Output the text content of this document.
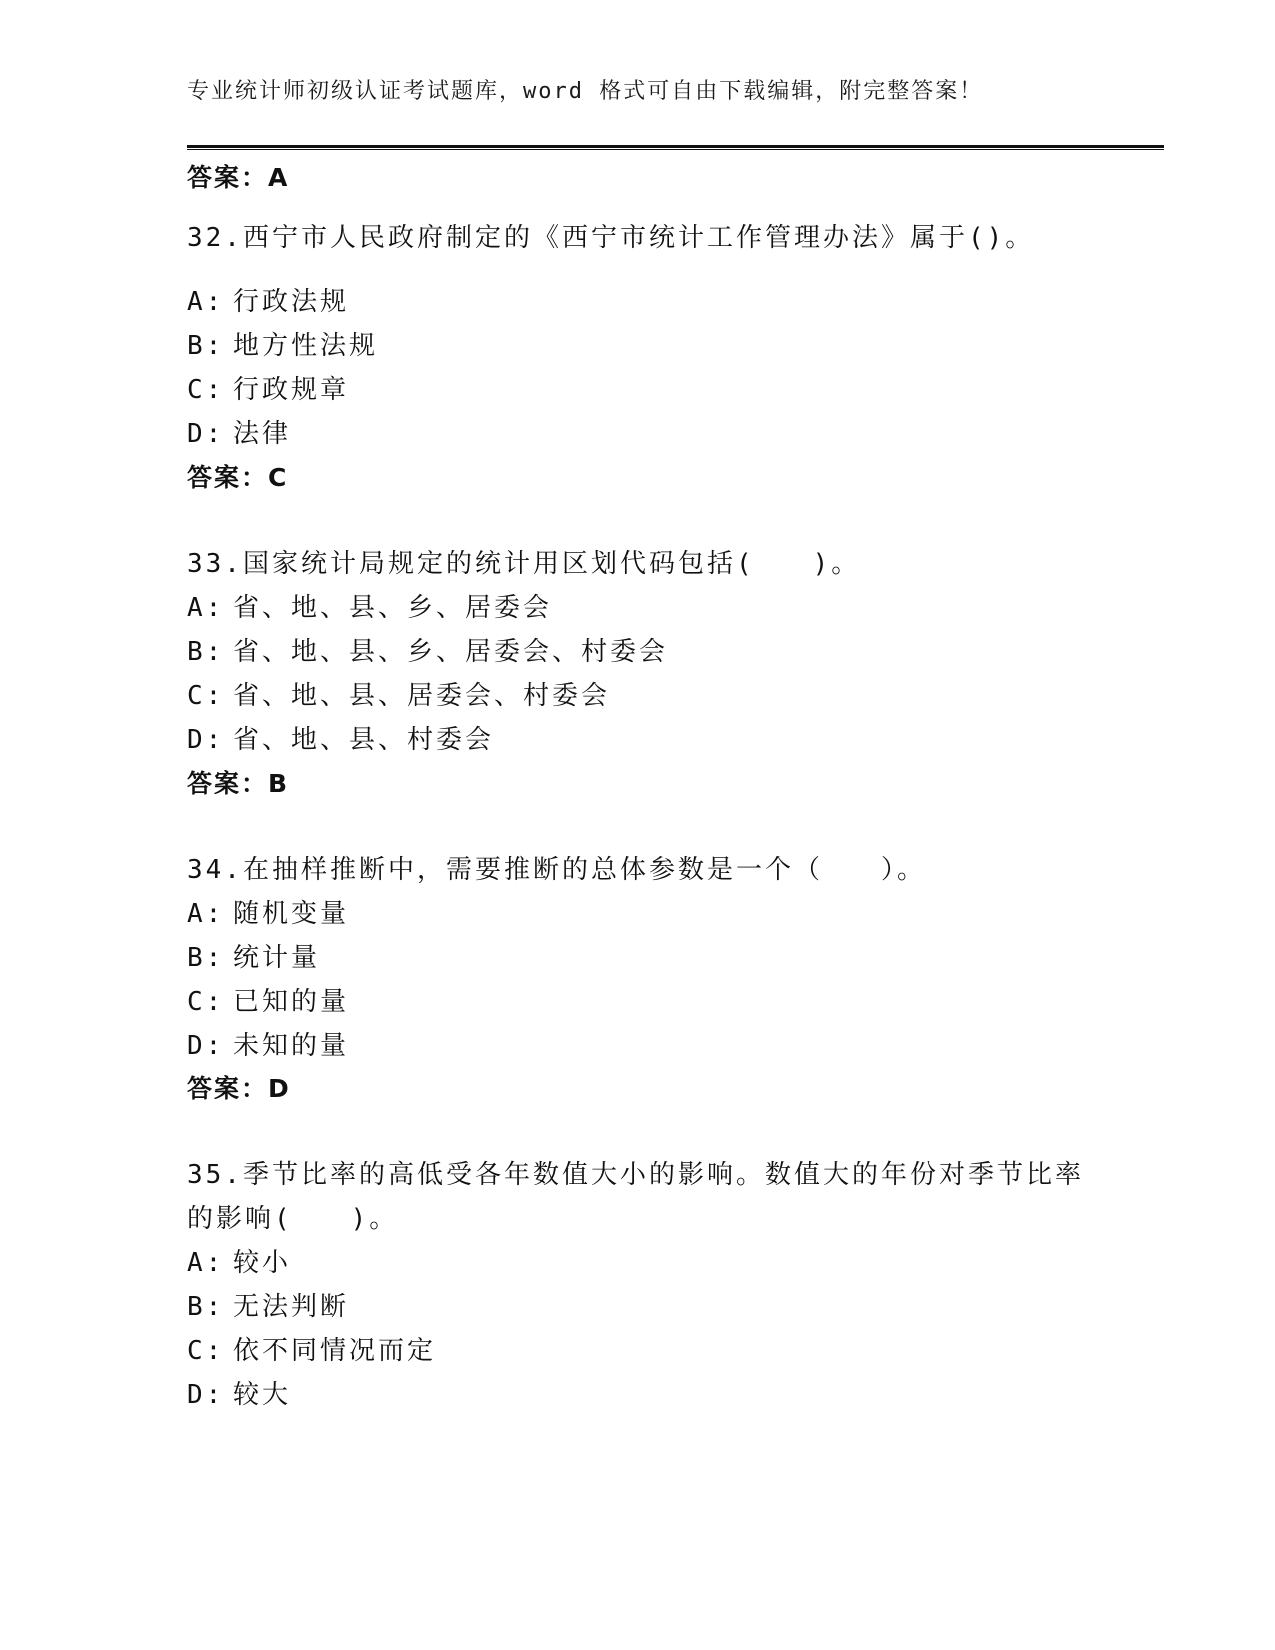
专业统计师初级认证考试题库，word 格式可自由下载编辑，附完整答案！
答案：A
32.西宁市人民政府制定的《西宁市统计工作管理办法》属于()。
A: 行政法规
B: 地方性法规
C: 行政规章
D: 法律
答案：C
33.国家统计局规定的统计用区划代码包括(　　)。
A: 省、地、县、乡、居委会
B: 省、地、县、乡、居委会、村委会
C: 省、地、县、居委会、村委会
D: 省、地、县、村委会
答案：B
34.在抽样推断中，需要推断的总体参数是一个（　　）。
A: 随机变量
B: 统计量
C: 已知的量
D: 未知的量
答案：D
35.季节比率的高低受各年数值大小的影响。数值大的年份对季节比率
的影响(　　)。
A: 较小
B: 无法判断
C: 依不同情况而定
D: 较大
